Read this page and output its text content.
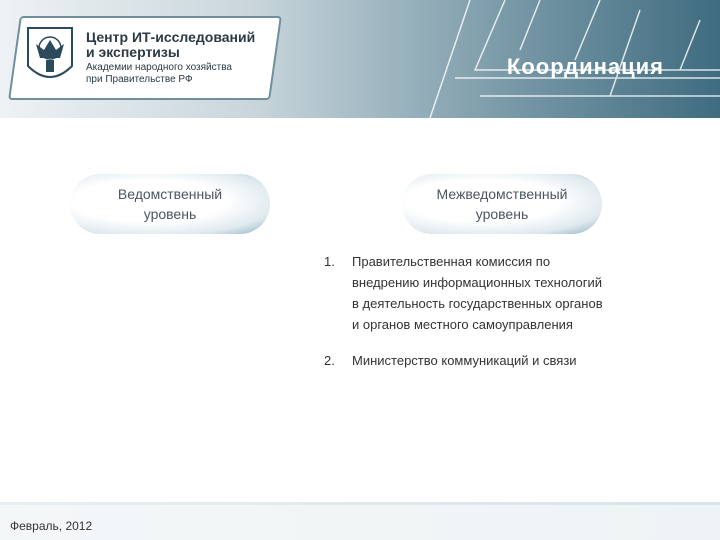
Центр ИТ-исследований
и экспертизы
Академии народного хозяйства
при Правительстве РФ
Координация
Ведомственный
уровень
Межведомственный
уровень
1.	Правительственная комиссия по
внедрению информационных технологий
в деятельность государственных органов
и органов местного самоуправления
2.	Министерство коммуникаций и связи
Февраль, 2012
